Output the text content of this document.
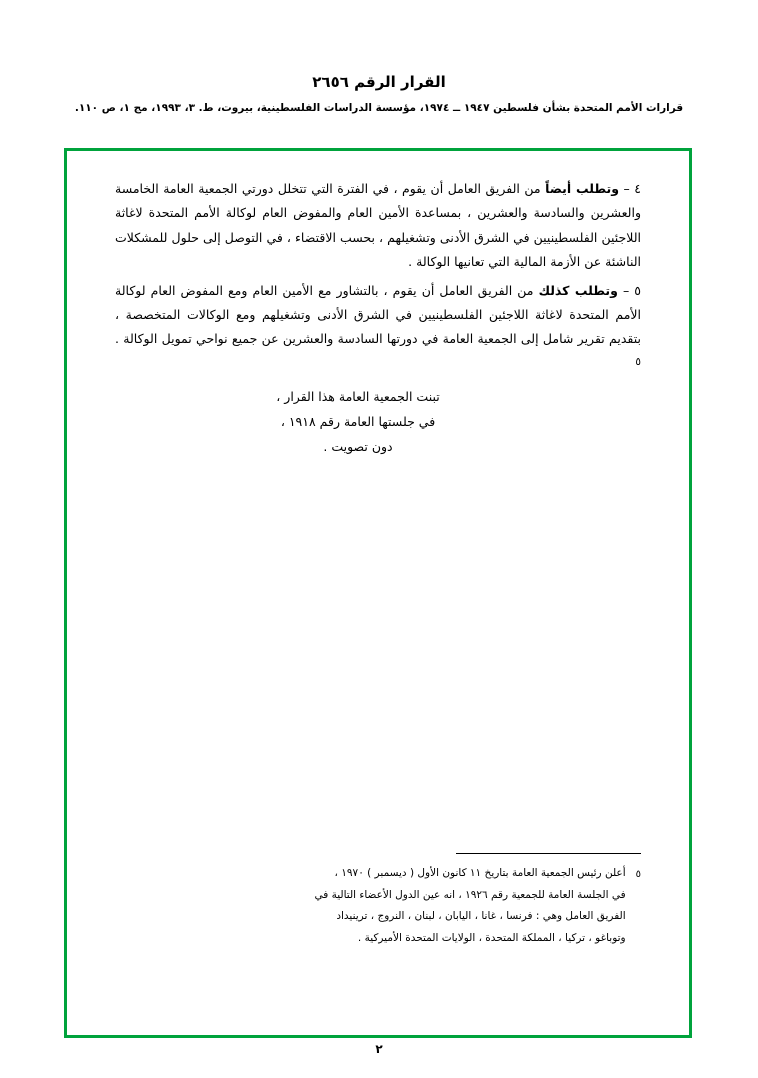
القرار الرقم ٢٦٥٦
قرارات الأمم المتحدة بشأن فلسطين ١٩٤٧ ــ ١٩٧٤، مؤسسة الدراسات الفلسطينية، بيروت، ط. ٣، ١٩٩٣، مج ١، ص ١١٠.

٤ – وتطلب أيضاً من الفريق العامل أن يقوم ، في الفترة التي تتخلل دورتي الجمعية العامة الخامسة والعشرين والسادسة والعشرين ، بمساعدة الأمين العام والمفوض العام لوكالة الأمم المتحدة لاغاثة اللاجئين الفلسطينيين في الشرق الأدنى وتشغيلهم ، بحسب الاقتضاء ، في التوصل إلى حلول للمشكلات الناشئة عن الأزمة المالية التي تعانيها الوكالة .

٥ – وتطلب كذلك من الفريق العامل أن يقوم ، بالتشاور مع الأمين العام ومع المفوض العام لوكالة الأمم المتحدة لاغاثة اللاجئين الفلسطينيين في الشرق الأدنى وتشغيلهم ومع الوكالات المتخصصة ، بتقديم تقرير شامل إلى الجمعية العامة في دورتها السادسة والعشرين عن جميع نواحي تمويل الوكالة . $^٥$

تبنت الجمعية العامة هذا القرار ،
في جلستها العامة رقم ١٩١٨ ،
دون تصويت .
٥
أعلن رئيس الجمعية العامة بتاريخ ١١ كانون الأول ( ديسمبر ) ١٩٧٠ ،
في الجلسة العامة للجمعية رقم ١٩٢٦ ، انه عين الدول الأعضاء التالية في
الفريق العامل وهي : فرنسا ، غانا ، اليابان ، لبنان ، النروج ، ترينيداد
وتوباغو ، تركيا ، المملكة المتحدة ، الولايات المتحدة الأميركية .
٢
